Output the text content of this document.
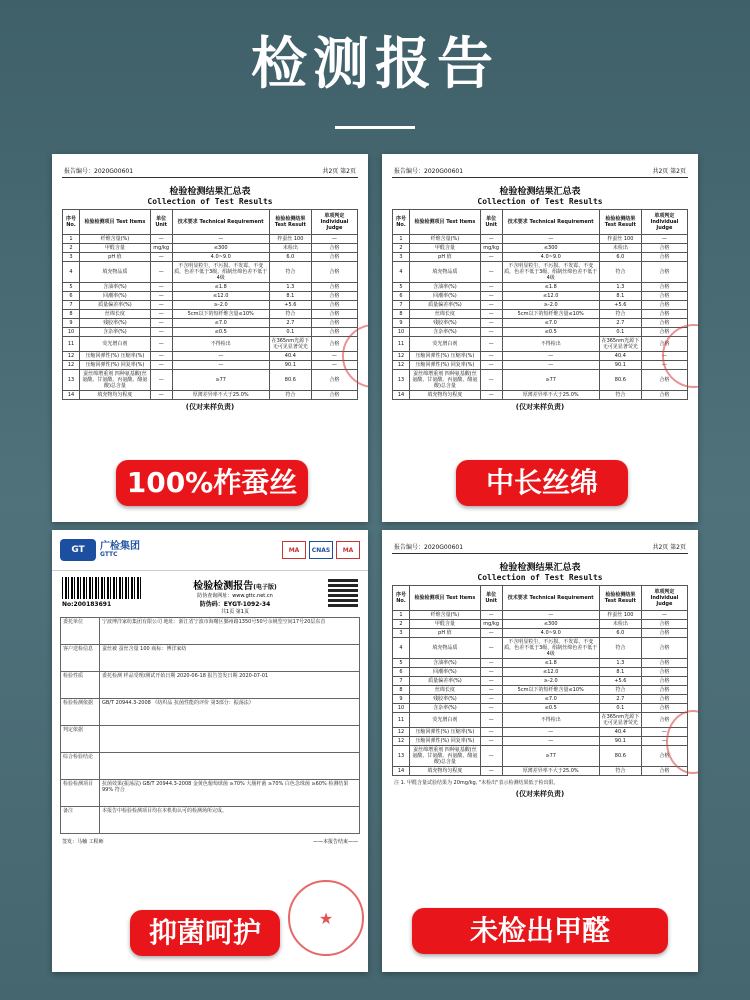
检测报告
报告编号：2020G00601	共2页 第2页
检验检测结果汇总表
Collection of Test Results
序号 No.	检验检测项目 Test Items	单位 Unit	技术要求 Technical Requirement	检验检测结果 Test Result	单项判定 Individual Judge
1	纤维含量(%)	—	—	柞蚕丝 100	—
2	甲醛含量	mg/kg	≤300	未检出	合格
3	pH 值	—	4.0~9.0	6.0	合格
4	填充物品质	—	不含明显粒尘，不污损、不发霉、不变质，色差不低于3级，绢制丝绵色差不低于4级	符合	合格
5	含油率(%)	—	≤1.8	1.3	合格
6	回潮率(%)	—	≤12.0	8.1	合格
7	质量偏差率(%)	—	≥-2.0	+5.6	合格
8	丝绵长度	—	5cm以下的短纤维含量≤10%	符合	合格
9	残胶率(%)	—	≤7.0	2.7	合格
10	含杂率(%)	—	≤0.5	0.1	合格
11	荧光增白剂	—	不得检出	在365nm光源下无可见显著荧光	合格
12	压缩回弹性(%) 压缩率(%)	—	—	40.4	—
12	压缩回弹性(%) 回复率(%)	—	—	90.1	—
13	蚕丝绵增重剂 四种氨基酸(丝氨酸、甘氨酸、丙氨酸、酪氨酸)总含量	—	≥77	80.6	合格
14	填充物均匀程度	—	厚薄差异率不大于25.0%	符合	合格
(仅对来样负责)
100%柞蚕丝
报告编号：2020G00601	共2页 第2页
检验检测结果汇总表
Collection of Test Results
序号 No.	检验检测项目 Test Items	单位 Unit	技术要求 Technical Requirement	检验检测结果 Test Result	单项判定 Individual Judge
1	纤维含量(%)	—	—	柞蚕丝 100	—
2	甲醛含量	mg/kg	≤300	未检出	合格
3	pH 值	—	4.0~9.0	6.0	合格
4	填充物品质	—	不含明显粒尘，不污损、不发霉、不变质，色差不低于3级，绢制丝绵色差不低于4级	符合	合格
5	含油率(%)	—	≤1.8	1.3	合格
6	回潮率(%)	—	≤12.0	8.1	合格
7	质量偏差率(%)	—	≥-2.0	+5.6	合格
8	丝绵长度	—	5cm以下的短纤维含量≤10%	符合	合格
9	残胶率(%)	—	≤7.0	2.7	合格
10	含杂率(%)	—	≤0.5	0.1	合格
11	荧光增白剂	—	不得检出	在365nm光源下无可见显著荧光	合格
12	压缩回弹性(%) 压缩率(%)	—	—	40.4	—
12	压缩回弹性(%) 回复率(%)	—	—	90.1	—
13	蚕丝绵增重剂 四种氨基酸(丝氨酸、甘氨酸、丙氨酸、酪氨酸)总含量	—	≥77	80.6	合格
14	填充物均匀程度	—	厚薄差异率不大于25.0%	符合	合格
(仅对来样负责)
中长丝绵
GT	广检集团
GTTC
MA	CNAS	MA
No:200183691
检验检测报告(电子版)
防伪查询网址：www.gttc.net.cn
防伪码：EYGT-1092-34
共1页 第1页
委托单位	宁波博洋家纺集团有限公司 地址：浙江省宁波市海曙区鄞州路1350号50号余姚型空间17号20层东首
客户送检信息	蚕丝被 蚕丝含量 100 商标：博洋家纺
检验性质	委托检测 样品受理/测试开始日期 2020-06-18 报告签发日期 2020-07-01
检验检测依据	GB/T 20944.3-2008 《纺织品 抗菌性能的评价 第3部分：振荡法》
判定依据	
综合检验结论	
检验检测项目	抗菌效果(振荡法) GB/T 20944.3-2008 金黄色葡萄球菌 ≥70% 大肠杆菌 ≥70% 白色念珠菌 ≥60% 检测结果 99% 符合
备注	本报告中检验检测项目均在本机构认可的检测场所完成。
签发：马楠 工程师	——本报告结束——
抑菌呵护	★
报告编号：2020G00601	共2页 第2页
检验检测结果汇总表
Collection of Test Results
序号 No.	检验检测项目 Test Items	单位 Unit	技术要求 Technical Requirement	检验检测结果 Test Result	单项判定 Individual Judge
1	纤维含量(%)	—	—	柞蚕丝 100	—
2	甲醛含量	mg/kg	≤300	未检出	合格
3	pH 值	—	4.0~9.0	6.0	合格
4	填充物品质	—	不含明显粒尘，不污损、不发霉、不变质，色差不低于3级，绢制丝绵色差不低于4级	符合	合格
5	含油率(%)	—	≤1.8	1.3	合格
6	回潮率(%)	—	≤12.0	8.1	合格
7	质量偏差率(%)	—	≥-2.0	+5.6	合格
8	丝绵长度	—	5cm以下的短纤维含量≤10%	符合	合格
9	残胶率(%)	—	≤7.0	2.7	合格
10	含杂率(%)	—	≤0.5	0.1	合格
11	荧光增白剂	—	不得检出	在365nm光源下无可见显著荧光	合格
12	压缩回弹性(%) 压缩率(%)	—	—	40.4	—
12	压缩回弹性(%) 回复率(%)	—	—	90.1	—
13	蚕丝绵增重剂 四种氨基酸(丝氨酸、甘氨酸、丙氨酸、酪氨酸)总含量	—	≥77	80.6	合格
14	填充物均匀程度	—	厚薄差异率不大于25.0%	符合	合格
注 1. 甲醛含量试验结果为 20mg/kg, "未检出"表示检测结果低于检出限。
(仅对来样负责)
未检出甲醛
